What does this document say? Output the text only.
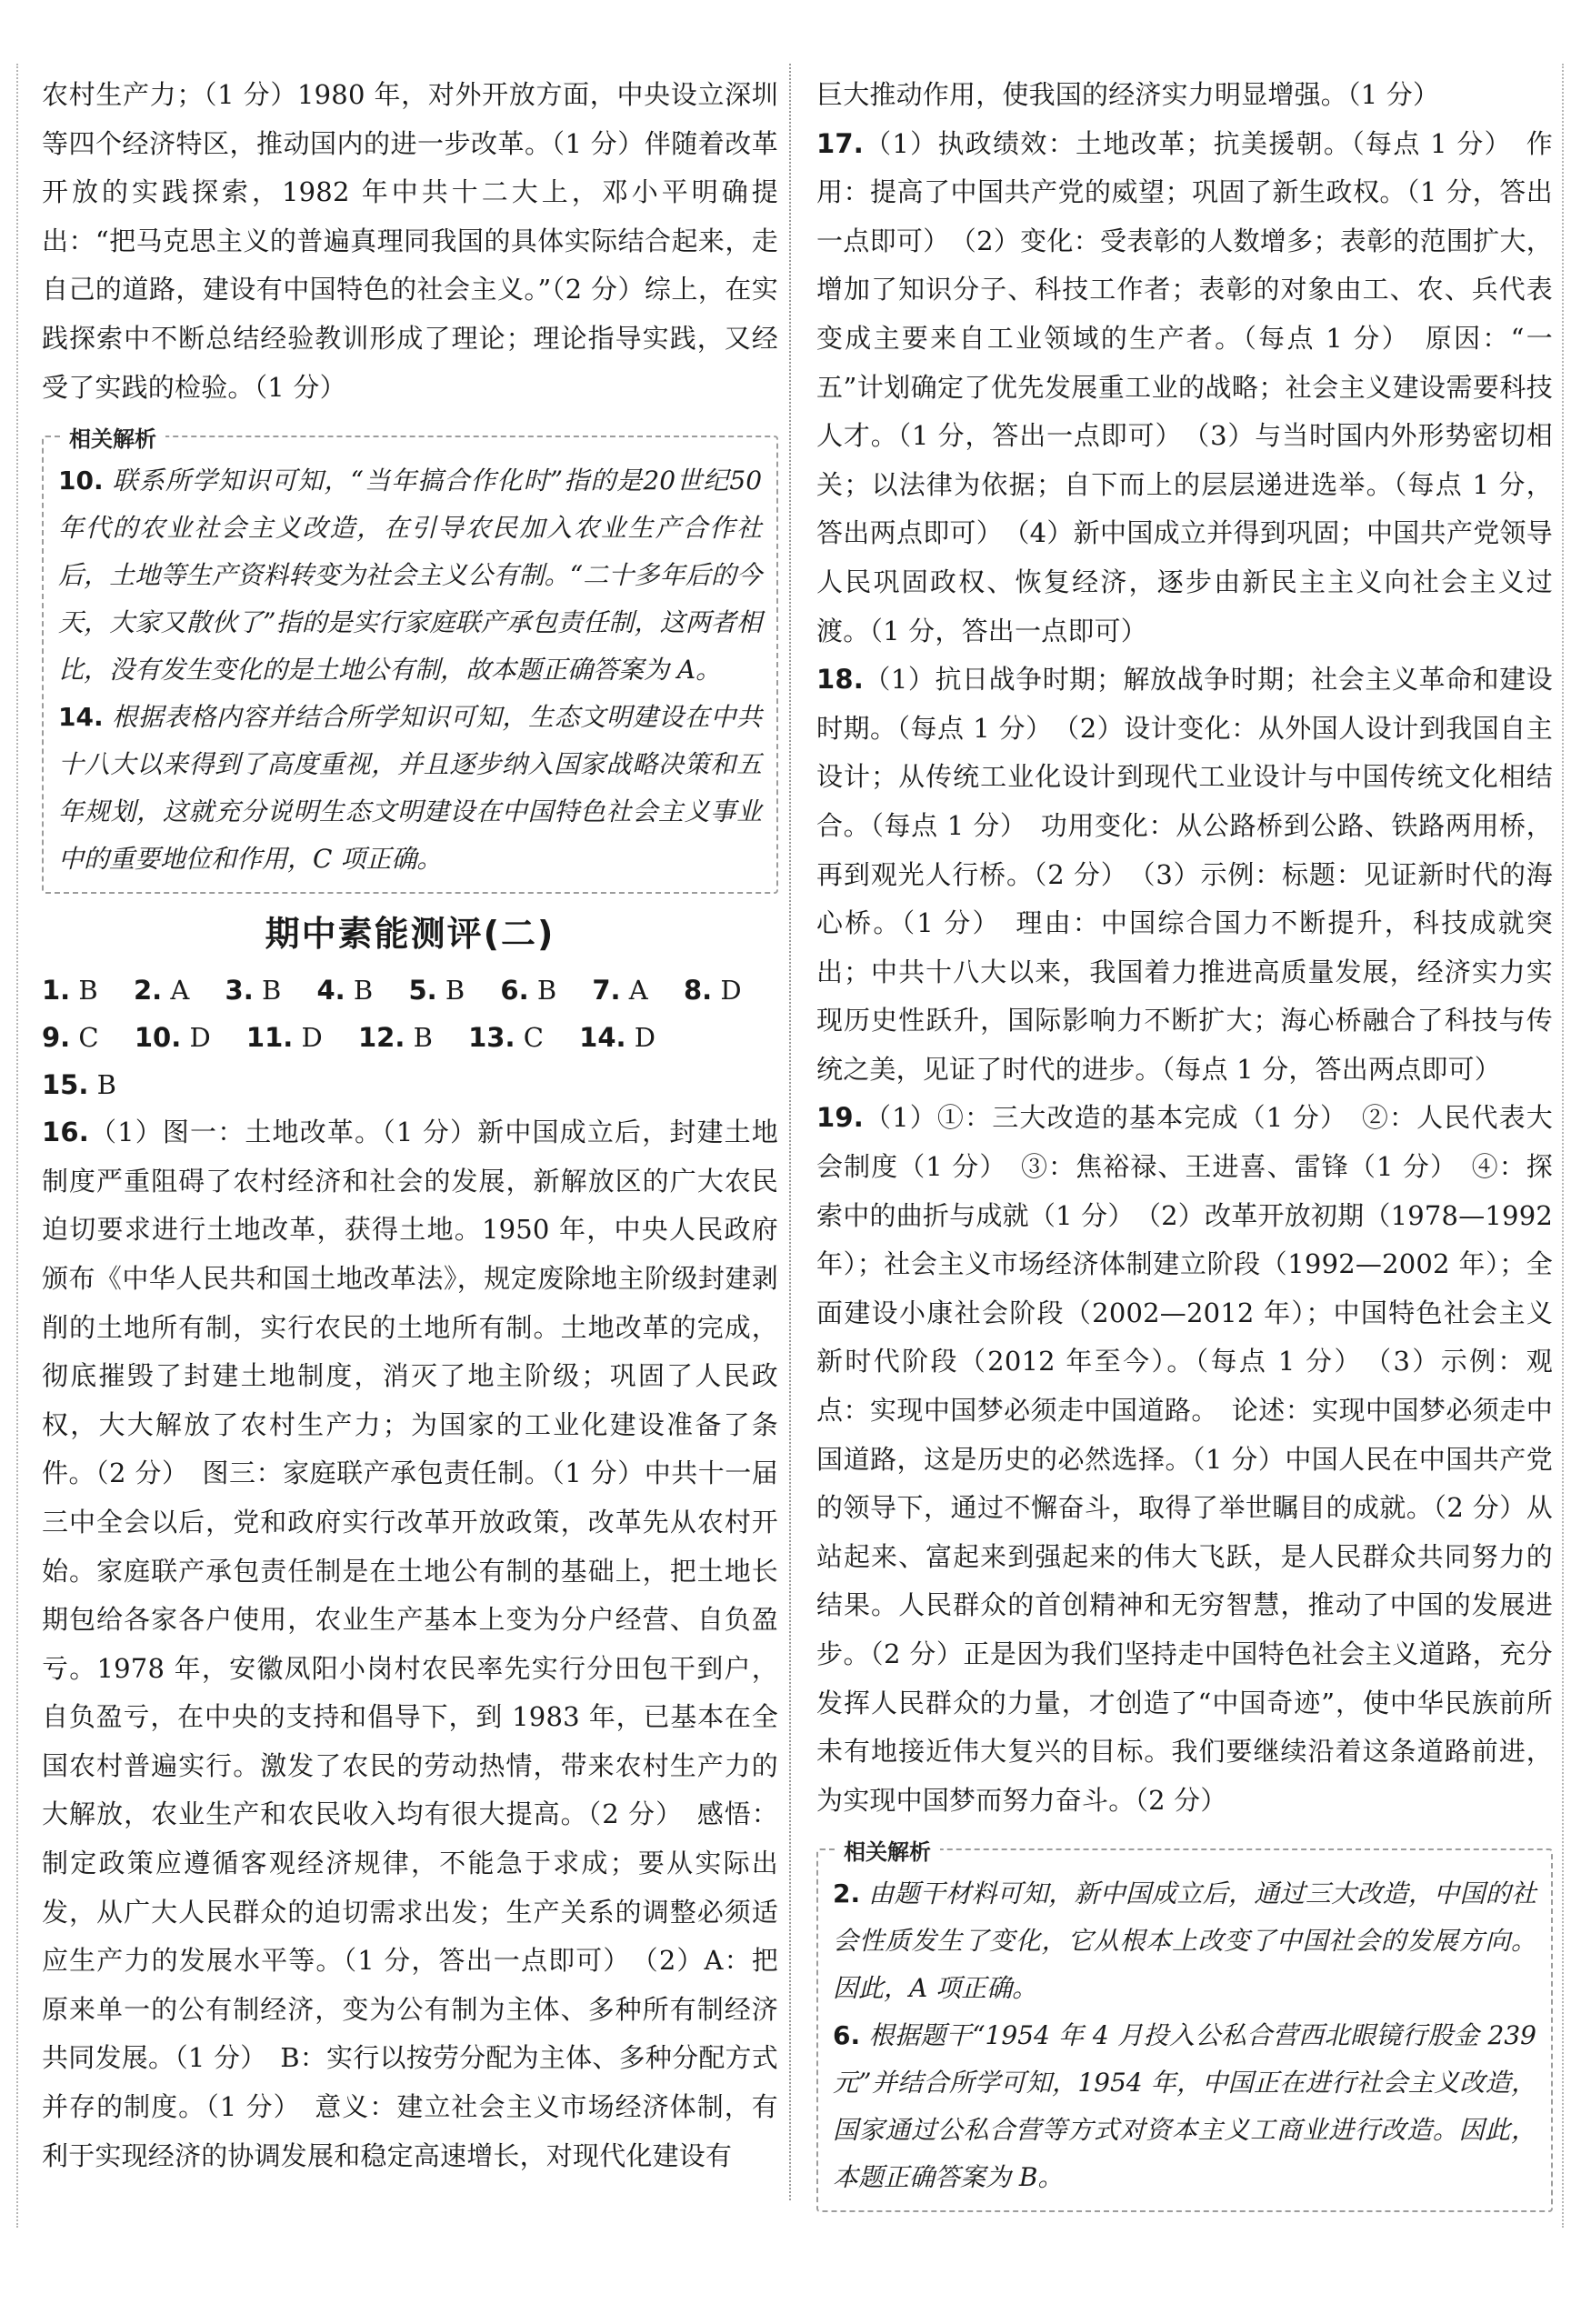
农村生产力；（1 分）1980 年，对外开放方面，中央设立深圳等四个经济特区，推动国内的进一步改革。（1 分）伴随着改革开放的实践探索，1982 年中共十二大上，邓小平明确提出：“把马克思主义的普遍真理同我国的具体实际结合起来，走自己的道路，建设有中国特色的社会主义。”（2 分）综上，在实践探索中不断总结经验教训形成了理论；理论指导实践，又经受了实践的检验。（1 分）

相关解析

10. 联系所学知识可知，“当年搞合作化时”指的是20世纪50年代的农业社会主义改造，在引导农民加入农业生产合作社后，土地等生产资料转变为社会主义公有制。“二十多年后的今天，大家又散伙了”指的是实行家庭联产承包责任制，这两者相比，没有发生变化的是土地公有制，故本题正确答案为 A。

14. 根据表格内容并结合所学知识可知，生态文明建设在中共十八大以来得到了高度重视，并且逐步纳入国家战略决策和五年规划，这就充分说明生态文明建设在中国特色社会主义事业中的重要地位和作用，C 项正确。

期中素能测评(二)

1. B 2. A 3. B 4. B 5. B 6. B 7. A 8. D

9. C 10. D 11. D 12. B 13. C 14. D 15. B

16.（1）图一：土地改革。（1 分）新中国成立后，封建土地制度严重阻碍了农村经济和社会的发展，新解放区的广大农民迫切要求进行土地改革，获得土地。1950 年，中央人民政府颁布《中华人民共和国土地改革法》，规定废除地主阶级封建剥削的土地所有制，实行农民的土地所有制。土地改革的完成，彻底摧毁了封建土地制度，消灭了地主阶级；巩固了人民政权，大大解放了农村生产力；为国家的工业化建设准备了条件。（2 分）　图三：家庭联产承包责任制。（1 分）中共十一届三中全会以后，党和政府实行改革开放政策，改革先从农村开始。家庭联产承包责任制是在土地公有制的基础上，把土地长期包给各家各户使用，农业生产基本上变为分户经营、自负盈亏。1978 年，安徽凤阳小岗村农民率先实行分田包干到户，自负盈亏，在中央的支持和倡导下，到 1983 年，已基本在全国农村普遍实行。激发了农民的劳动热情，带来农村生产力的大解放，农业生产和农民收入均有很大提高。（2 分）　感悟：制定政策应遵循客观经济规律，不能急于求成；要从实际出发，从广大人民群众的迫切需求出发；生产关系的调整必须适应生产力的发展水平等。（1 分，答出一点即可）　（2）A：把原来单一的公有制经济，变为公有制为主体、多种所有制经济共同发展。（1 分）　B：实行以按劳分配为主体、多种分配方式并存的制度。（1 分）　意义：建立社会主义市场经济体制，有利于实现经济的协调发展和稳定高速增长，对现代化建设有

巨大推动作用，使我国的经济实力明显增强。（1 分）

17.（1）执政绩效：土地改革；抗美援朝。（每点 1 分）　作用：提高了中国共产党的威望；巩固了新生政权。（1 分，答出一点即可）　（2）变化：受表彰的人数增多；表彰的范围扩大，增加了知识分子、科技工作者；表彰的对象由工、农、兵代表变成主要来自工业领域的生产者。（每点 1 分）　原因：“一五”计划确定了优先发展重工业的战略；社会主义建设需要科技人才。（1 分，答出一点即可）　（3）与当时国内外形势密切相关；以法律为依据；自下而上的层层递进选举。（每点 1 分，答出两点即可）　（4）新中国成立并得到巩固；中国共产党领导人民巩固政权、恢复经济，逐步由新民主主义向社会主义过渡。（1 分，答出一点即可）

18.（1）抗日战争时期；解放战争时期；社会主义革命和建设时期。（每点 1 分）　（2）设计变化：从外国人设计到我国自主设计；从传统工业化设计到现代工业设计与中国传统文化相结合。（每点 1 分）　功用变化：从公路桥到公路、铁路两用桥，再到观光人行桥。（2 分）　（3）示例：标题：见证新时代的海心桥。（1 分）　理由：中国综合国力不断提升，科技成就突出；中共十八大以来，我国着力推进高质量发展，经济实力实现历史性跃升，国际影响力不断扩大；海心桥融合了科技与传统之美，见证了时代的进步。（每点 1 分，答出两点即可）

19.（1）①：三大改造的基本完成（1 分）　②：人民代表大会制度（1 分）　③：焦裕禄、王进喜、雷锋（1 分）　④：探索中的曲折与成就（1 分）　（2）改革开放初期（1978—1992 年）；社会主义市场经济体制建立阶段（1992—2002 年）；全面建设小康社会阶段（2002—2012 年）；中国特色社会主义新时代阶段（2012 年至今）。（每点 1 分）　（3）示例：观点：实现中国梦必须走中国道路。　论述：实现中国梦必须走中国道路，这是历史的必然选择。（1 分）中国人民在中国共产党的领导下，通过不懈奋斗，取得了举世瞩目的成就。（2 分）从站起来、富起来到强起来的伟大飞跃，是人民群众共同努力的结果。人民群众的首创精神和无穷智慧，推动了中国的发展进步。（2 分）正是因为我们坚持走中国特色社会主义道路，充分发挥人民群众的力量，才创造了“中国奇迹”，使中华民族前所未有地接近伟大复兴的目标。我们要继续沿着这条道路前进，为实现中国梦而努力奋斗。（2 分）

相关解析

2. 由题干材料可知，新中国成立后，通过三大改造，中国的社会性质发生了变化，它从根本上改变了中国社会的发展方向。因此，A 项正确。

6. 根据题干“1954 年 4 月投入公私合营西北眼镜行股金 239 元”并结合所学可知，1954 年，中国正在进行社会主义改造，国家通过公私合营等方式对资本主义工商业进行改造。因此，本题正确答案为 B。
